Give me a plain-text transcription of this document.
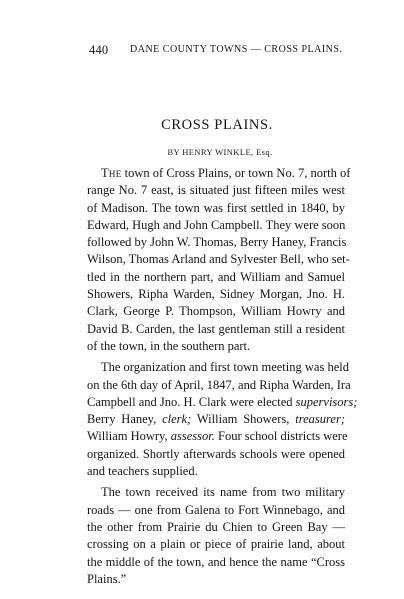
440 DANE COUNTY TOWNS — CROSS PLAINS.
CROSS PLAINS.
BY HENRY WINKLE, Esq.
The town of Cross Plains, or town No. 7, north of
range No. 7 east, is situated just fifteen miles west
of Madison. The town was first settled in 1840, by
Edward, Hugh and John Campbell. They were soon
followed by John W. Thomas, Berry Haney, Francis
Wilson, Thomas Arland and Sylvester Bell, who set-
tled in the northern part, and William and Samuel
Showers, Ripha Warden, Sidney Morgan, Jno. H.
Clark, George P. Thompson, William Howry and
David B. Carden, the last gentleman still a resident
of the town, in the southern part.
The organization and first town meeting was held
on the 6th day of April, 1847, and Ripha Warden, Ira
Campbell and Jno. H. Clark were elected supervisors;
Berry Haney, clerk; William Showers, treasurer;
William Howry, assessor. Four school districts were
organized. Shortly afterwards schools were opened
and teachers supplied.
The town received its name from two military
roads — one from Galena to Fort Winnebago, and
the other from Prairie du Chien to Green Bay —
crossing on a plain or piece of prairie land, about
the middle of the town, and hence the name “Cross
Plains.”
